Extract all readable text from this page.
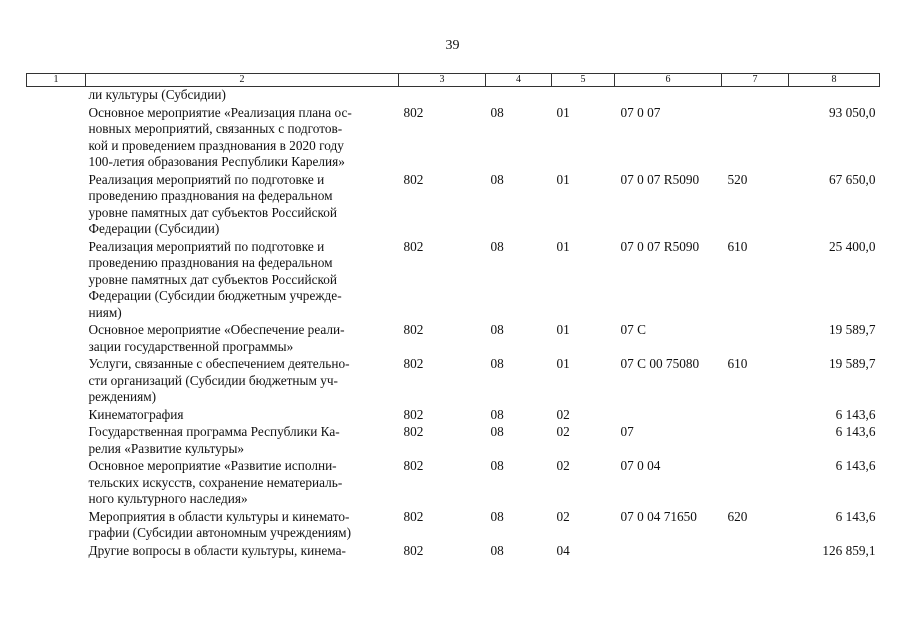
39
1	2	3	4	5	6	7	8

	ли культуры (Субсидии)						

	Основное мероприятие «Реализация плана ос-
новных мероприятий, связанных с подготов-
кой и проведением празднования в 2020 году
100-летия образования Республики Карелия»	802	08	01	07 0 07		93 050,0

	Реализация мероприятий по подготовке и
проведению празднования на федеральном
уровне памятных дат субъектов Российской
Федерации (Субсидии)	802	08	01	07 0 07 R5090	520	67 650,0

	Реализация мероприятий по подготовке и
проведению празднования на федеральном
уровне памятных дат субъектов Российской
Федерации (Субсидии бюджетным учрежде-
ниям)	802	08	01	07 0 07 R5090	610	25 400,0

	Основное мероприятие «Обеспечение реали-
зации государственной программы»	802	08	01	07 С		19 589,7

	Услуги, связанные с обеспечением деятельно-
сти организаций (Субсидии бюджетным уч-
реждениям)	802	08	01	07 С 00 75080	610	19 589,7

	Кинематография	802	08	02			6 143,6

	Государственная программа Республики Ка-
релия «Развитие культуры»	802	08	02	07		6 143,6

	Основное мероприятие «Развитие исполни-
тельских искусств, сохранение нематериаль-
ного культурного наследия»	802	08	02	07 0 04		6 143,6

	Мероприятия в области культуры и кинемато-
графии (Субсидии автономным учреждениям)	802	08	02	07 0 04 71650	620	6 143,6

	Другие вопросы в области культуры, кинема-	802	08	04			126 859,1
